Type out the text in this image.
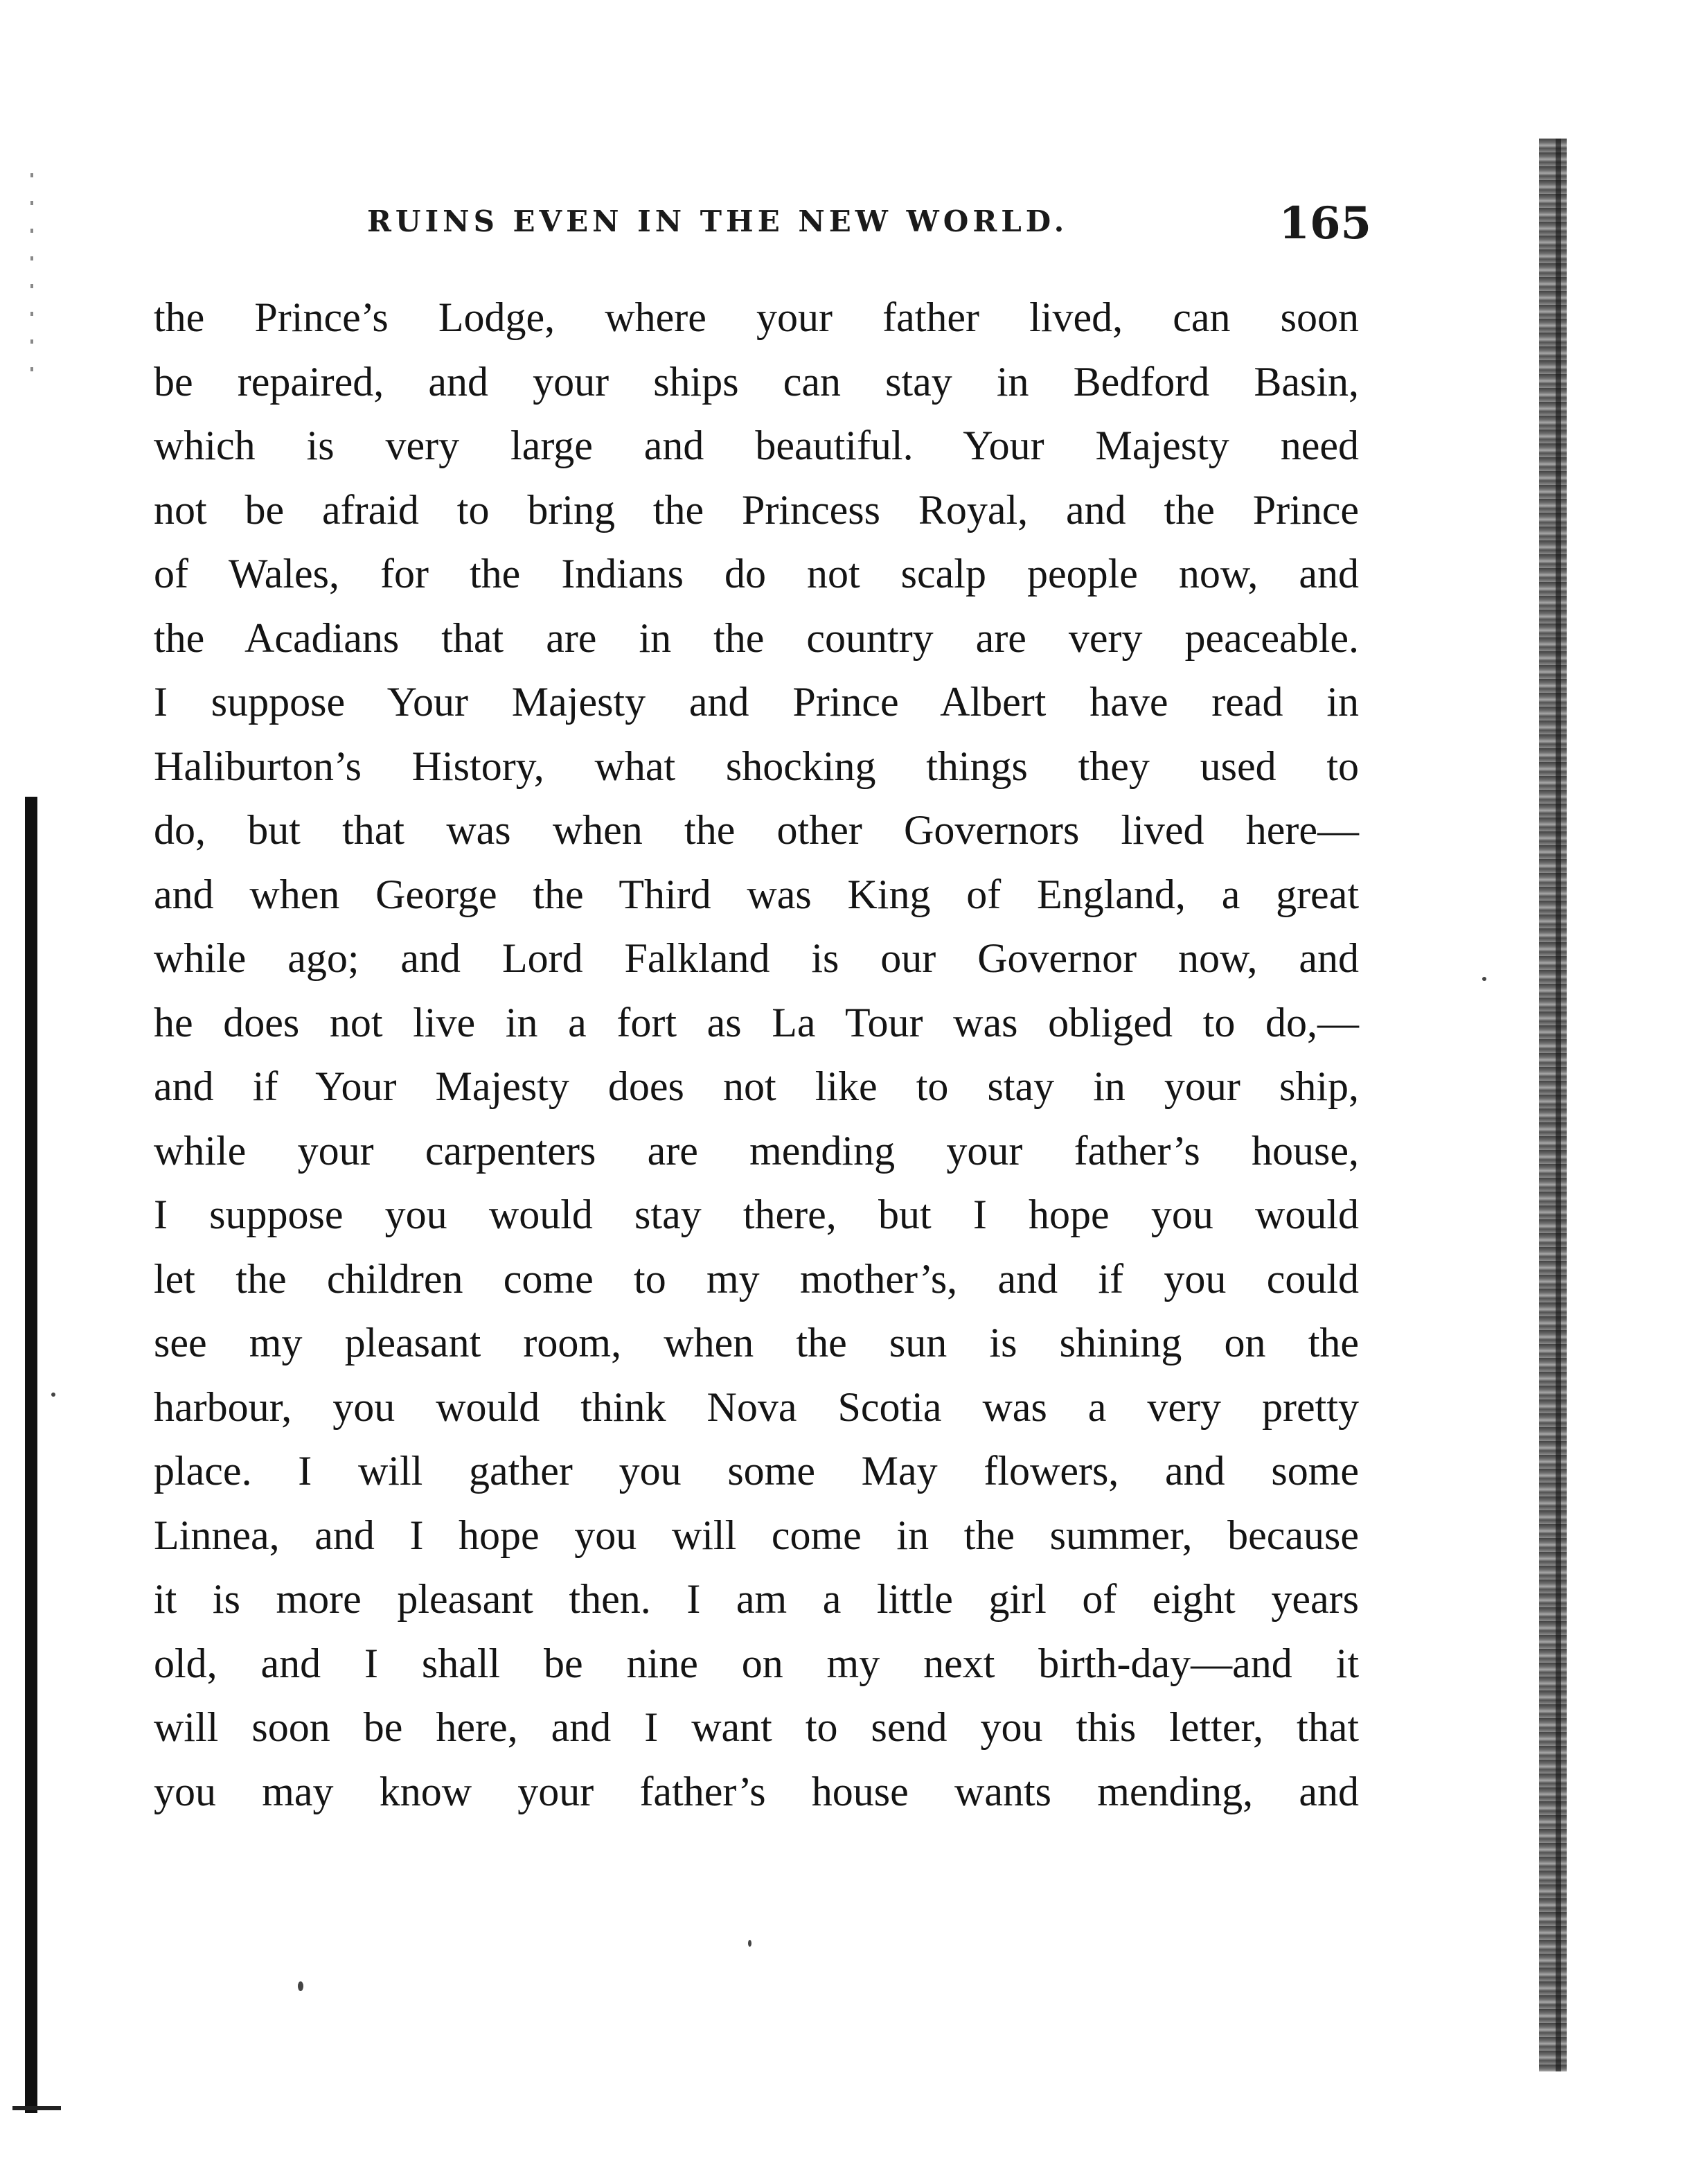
RUINS EVEN IN THE NEW WORLD.	165
the Prince’s Lodge, where your father lived, can soon
be repaired, and your ships can stay in Bedford Basin,
which is very large and beautiful. Your Majesty need
not be afraid to bring the Princess Royal, and the Prince
of Wales, for the Indians do not scalp people now, and
the Acadians that are in the country are very peaceable.
I suppose Your Majesty and Prince Albert have read in
Haliburton’s History, what shocking things they used to
do, but that was when the other Governors lived here—
and when George the Third was King of England, a great
while ago; and Lord Falkland is our Governor now, and
he does not live in a fort as La Tour was obliged to do,—
and if Your Majesty does not like to stay in your ship,
while your carpenters are mending your father’s house,
I suppose you would stay there, but I hope you would
let the children come to my mother’s, and if you could
see my pleasant room, when the sun is shining on the
harbour, you would think Nova Scotia was a very pretty
place. I will gather you some May flowers, and some
Linnea, and I hope you will come in the summer, because
it is more pleasant then. I am a little girl of eight years
old, and I shall be nine on my next birth-day—and it
will soon be here, and I want to send you this letter, that
you may know your father’s house wants mending, and
